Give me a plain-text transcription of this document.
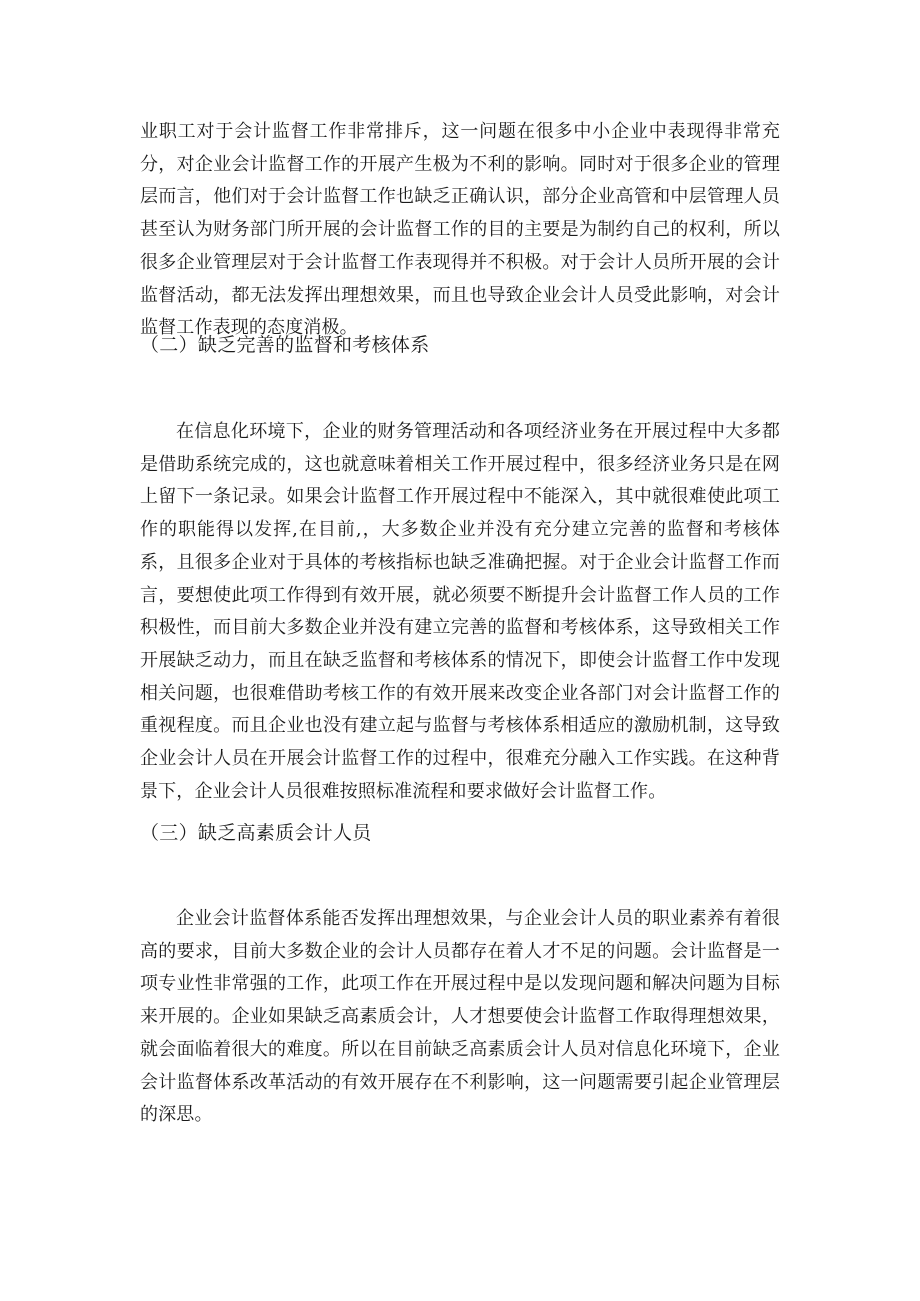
业职工对于会计监督工作非常排斥，这一问题在很多中小企业中表现得非常充分，对企业会计监督工作的开展产生极为不利的影响。同时对于很多企业的管理层而言，他们对于会计监督工作也缺乏正确认识，部分企业高管和中层管理人员甚至认为财务部门所开展的会计监督工作的目的主要是为制约自己的权利，所以很多企业管理层对于会计监督工作表现得并不积极。对于会计人员所开展的会计监督活动，都无法发挥出理想效果，而且也导致企业会计人员受此影响，对会计监督工作表现的态度消极。

（二）缺乏完善的监督和考核体系

在信息化环境下，企业的财务管理活动和各项经济业务在开展过程中大多都是借助系统完成的，这也就意味着相关工作开展过程中，很多经济业务只是在网上留下一条记录。如果会计监督工作开展过程中不能深入，其中就很难使此项工作的职能得以发挥,在目前,，大多数企业并没有充分建立完善的监督和考核体系，且很多企业对于具体的考核指标也缺乏准确把握。对于企业会计监督工作而言，要想使此项工作得到有效开展，就必须要不断提升会计监督工作人员的工作积极性，而目前大多数企业并没有建立完善的监督和考核体系，这导致相关工作开展缺乏动力，而且在缺乏监督和考核体系的情况下，即使会计监督工作中发现相关问题，也很难借助考核工作的有效开展来改变企业各部门对会计监督工作的重视程度。而且企业也没有建立起与监督与考核体系相适应的激励机制，这导致企业会计人员在开展会计监督工作的过程中，很难充分融入工作实践。在这种背景下，企业会计人员很难按照标准流程和要求做好会计监督工作。

（三）缺乏高素质会计人员

企业会计监督体系能否发挥出理想效果，与企业会计人员的职业素养有着很高的要求，目前大多数企业的会计人员都存在着人才不足的问题。会计监督是一项专业性非常强的工作，此项工作在开展过程中是以发现问题和解决问题为目标来开展的。企业如果缺乏高素质会计，人才想要使会计监督工作取得理想效果，就会面临着很大的难度。所以在目前缺乏高素质会计人员对信息化环境下，企业会计监督体系改革活动的有效开展存在不利影响，这一问题需要引起企业管理层的深思。
